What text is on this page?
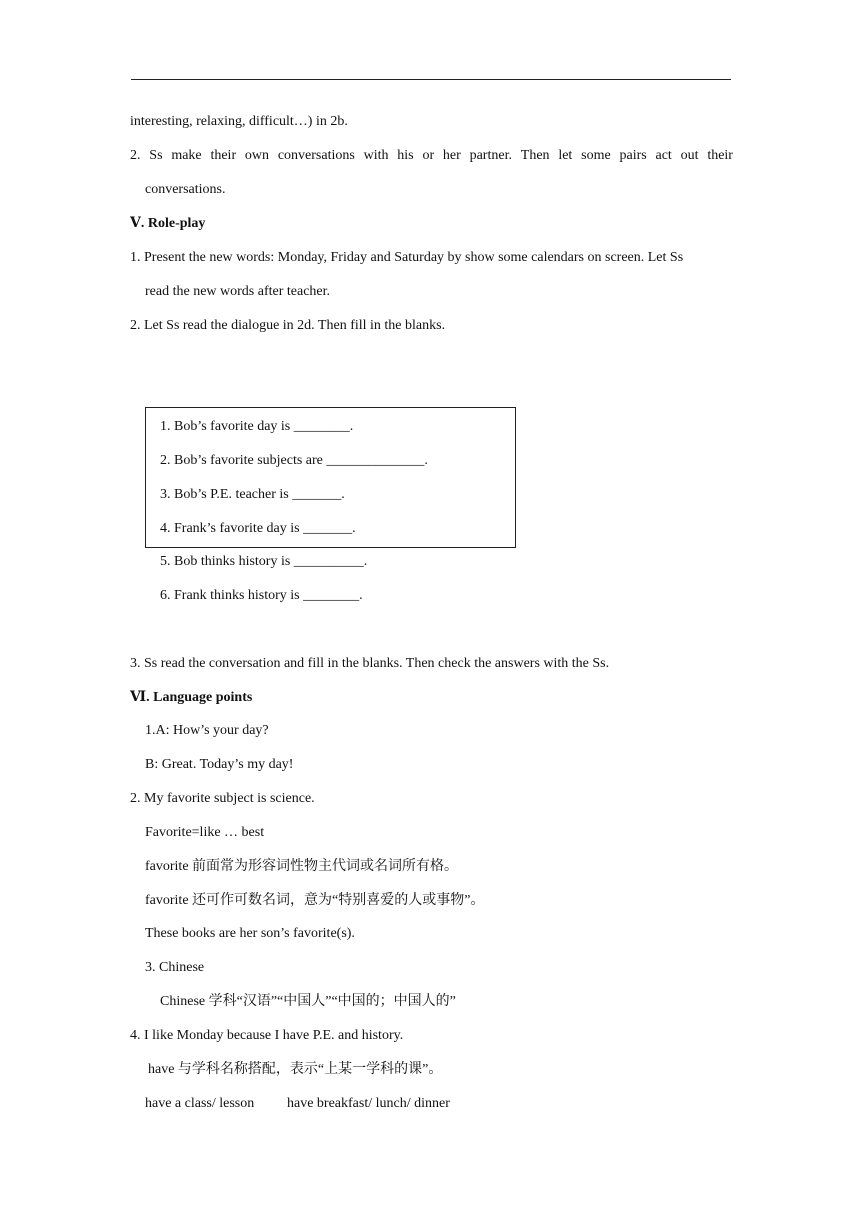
interesting, relaxing, difficult…) in 2b.
2. Ss make their own conversations with his or her partner. Then let some pairs act out their
conversations.
Ⅴ. Role-play
1. Present the new words: Monday, Friday and Saturday by show some calendars on screen. Let Ss
read the new words after teacher.
2. Let Ss read the dialogue in 2d. Then fill in the blanks.
1. Bob’s favorite day is ________.
2. Bob’s favorite subjects are ______________.
3. Bob’s P.E. teacher is _______.
4. Frank’s favorite day is _______.
5. Bob thinks history is __________.
6. Frank thinks history is ________.
3. Ss read the conversation and fill in the blanks. Then check the answers with the Ss.
Ⅵ. Language points
1.A: How’s your day?
B: Great. Today’s my day!
2. My favorite subject is science.
Favorite=like … best
favorite 前面常为形容词性物主代词或名词所有格。
favorite 还可作可数名词，意为“特别喜爱的人或事物”。
These books are her son’s favorite(s).
3. Chinese
Chinese 学科“汉语”“中国人”“中国的；中国人的”
4. I like Monday because I have P.E. and history.
have 与学科名称搭配，表示“上某一学科的课”。
have a class/ lesson have breakfast/ lunch/ dinner
